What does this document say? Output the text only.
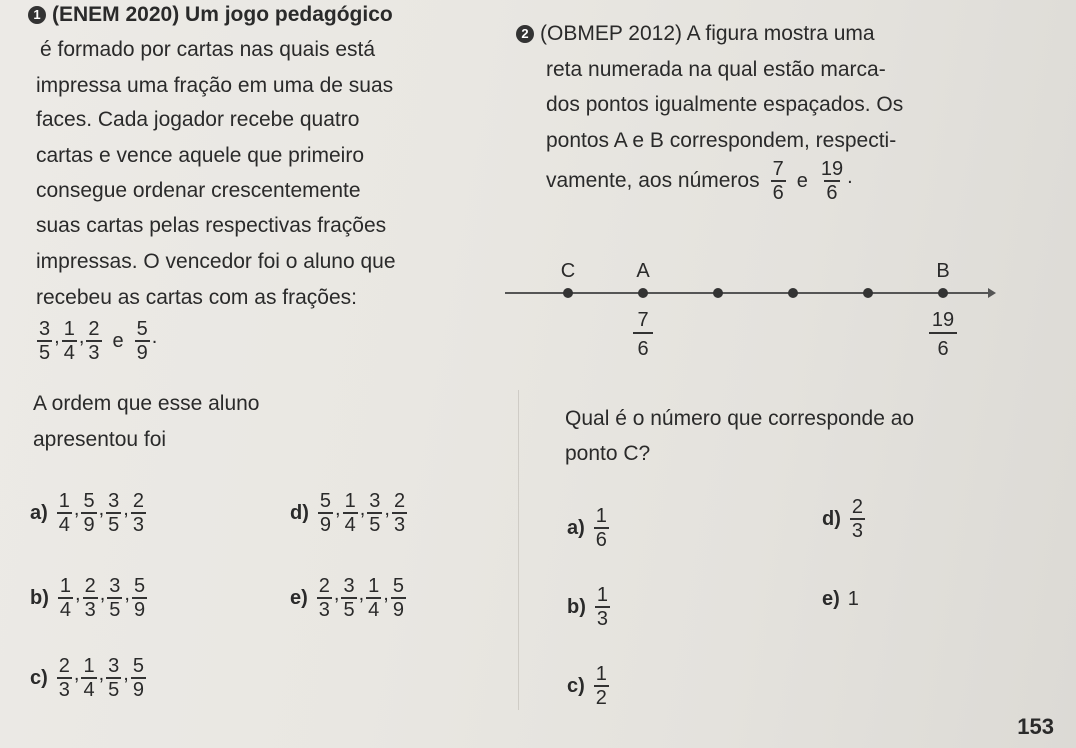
1 (ENEM 2020) Um jogo pedagógico
é formado por cartas nas quais está
impressa uma fração em uma de suas
faces. Cada jogador recebe quatro
cartas e vence aquele que primeiro
consegue ordenar crescentemente
suas cartas pelas respectivas frações
impressas. O vencedor foi o aluno que
recebeu as cartas com as frações:
$\frac{3}{5}$ , $\frac{1}{4}$ , $\frac{2}{3}$ e $\frac{5}{9}$ .
A ordem que esse aluno
apresentou foi
$a) \frac{1}{4}$ , $\frac{5}{9}$ , $\frac{3}{5}$ , $\frac{2}{3}$
$b) \frac{1}{4}$ , $\frac{2}{3}$ , $\frac{3}{5}$ , $\frac{5}{9}$
$c) \frac{2}{3}$ , $\frac{1}{4}$ , $\frac{3}{5}$ , $\frac{5}{9}$
$d) \frac{5}{9}$ , $\frac{1}{4}$ , $\frac{3}{5}$ , $\frac{2}{3}$
$e) \frac{2}{3}$ , $\frac{3}{5}$ , $\frac{1}{4}$ , $\frac{5}{9}$
2 (OBMEP 2012) A figura mostra uma
reta numerada na qual estão marca-
dos pontos igualmente espaçados. Os
pontos A e B correspondem, respecti-
vamente, aos números $\frac{7}{6}$ e $\frac{19}{6}$ .
C	A	B
7
6
19
6
Qual é o número que corresponde ao
ponto C?
$a) \frac{1}{6}$
$b) \frac{1}{3}$
$c) \frac{1}{2}$
$d) \frac{2}{3}$
e) 1
153
